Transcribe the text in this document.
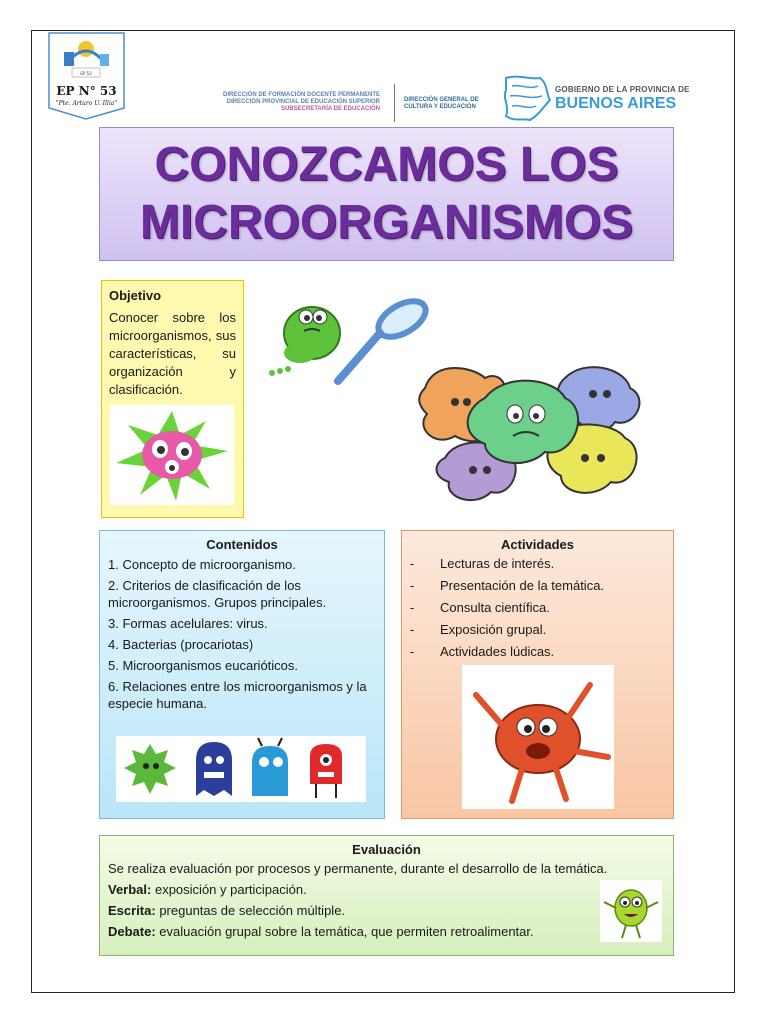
EP 53
EP N° 53
"Pte. Arturo U. Illia"
DIRECCIÓN DE FORMACIÓN DOCENTE PERMANENTE
DIRECCIÓN PROVINCIAL DE EDUCACIÓN SUPERIOR
SUBSECRETARÍA DE EDUCACIÓN
DIRECCIÓN GENERAL DE
CULTURA Y EDUCACIÓN
GOBIERNO DE LA PROVINCIA DE
BUENOS AIRES
CONOZCAMOS LOS MICROORGANISMOS
Objetivo

Conocer sobre los microorganismos, sus características, su organización y clasificación.

Contenidos
1. Concepto de microorganismo.
2. Criterios de clasificación de los microorganismos. Grupos principales.
3. Formas acelulares: virus.
4. Bacterias (procariotas)
5. Microorganismos eucarióticos.
6. Relaciones entre los microorganismos y la especie humana.
Actividades
-	Lecturas de interés.
-	Presentación de la temática.
-	Consulta científica.
-	Exposición grupal.
-	Actividades lúdicas.
Evaluación

Se realiza evaluación por procesos y permanente, durante el desarrollo de la temática.

Verbal: exposición y participación.

Escrita: preguntas de selección múltiple.

Debate: evaluación grupal sobre la temática, que permiten retroalimentar.
